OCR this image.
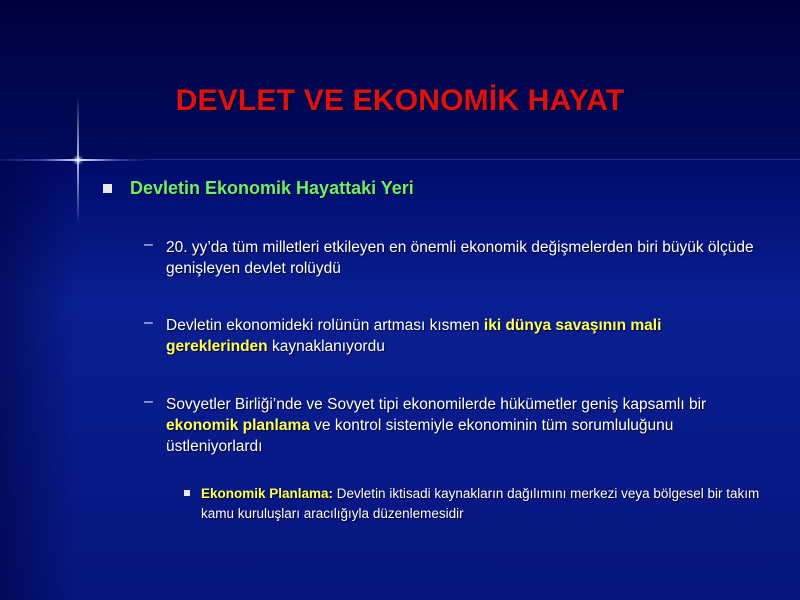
DEVLET VE EKONOMİK HAYAT
Devletin Ekonomik Hayattaki Yeri
– 20. yy’da tüm milletleri etkileyen en önemli ekonomik değişmelerden biri büyük ölçüde genişleyen devlet rolüydü
– Devletin ekonomideki rolünün artması kısmen iki dünya savaşının mali gereklerinden kaynaklanıyordu
– Sovyetler Birliği’nde ve Sovyet tipi ekonomilerde hükümetler geniş kapsamlı bir ekonomik planlama ve kontrol sistemiyle ekonominin tüm sorumluluğunu üstleniyorlardı
Ekonomik Planlama: Devletin iktisadi kaynakların dağılımını merkezi veya bölgesel bir takım kamu kuruluşları aracılığıyla düzenlemesidir
